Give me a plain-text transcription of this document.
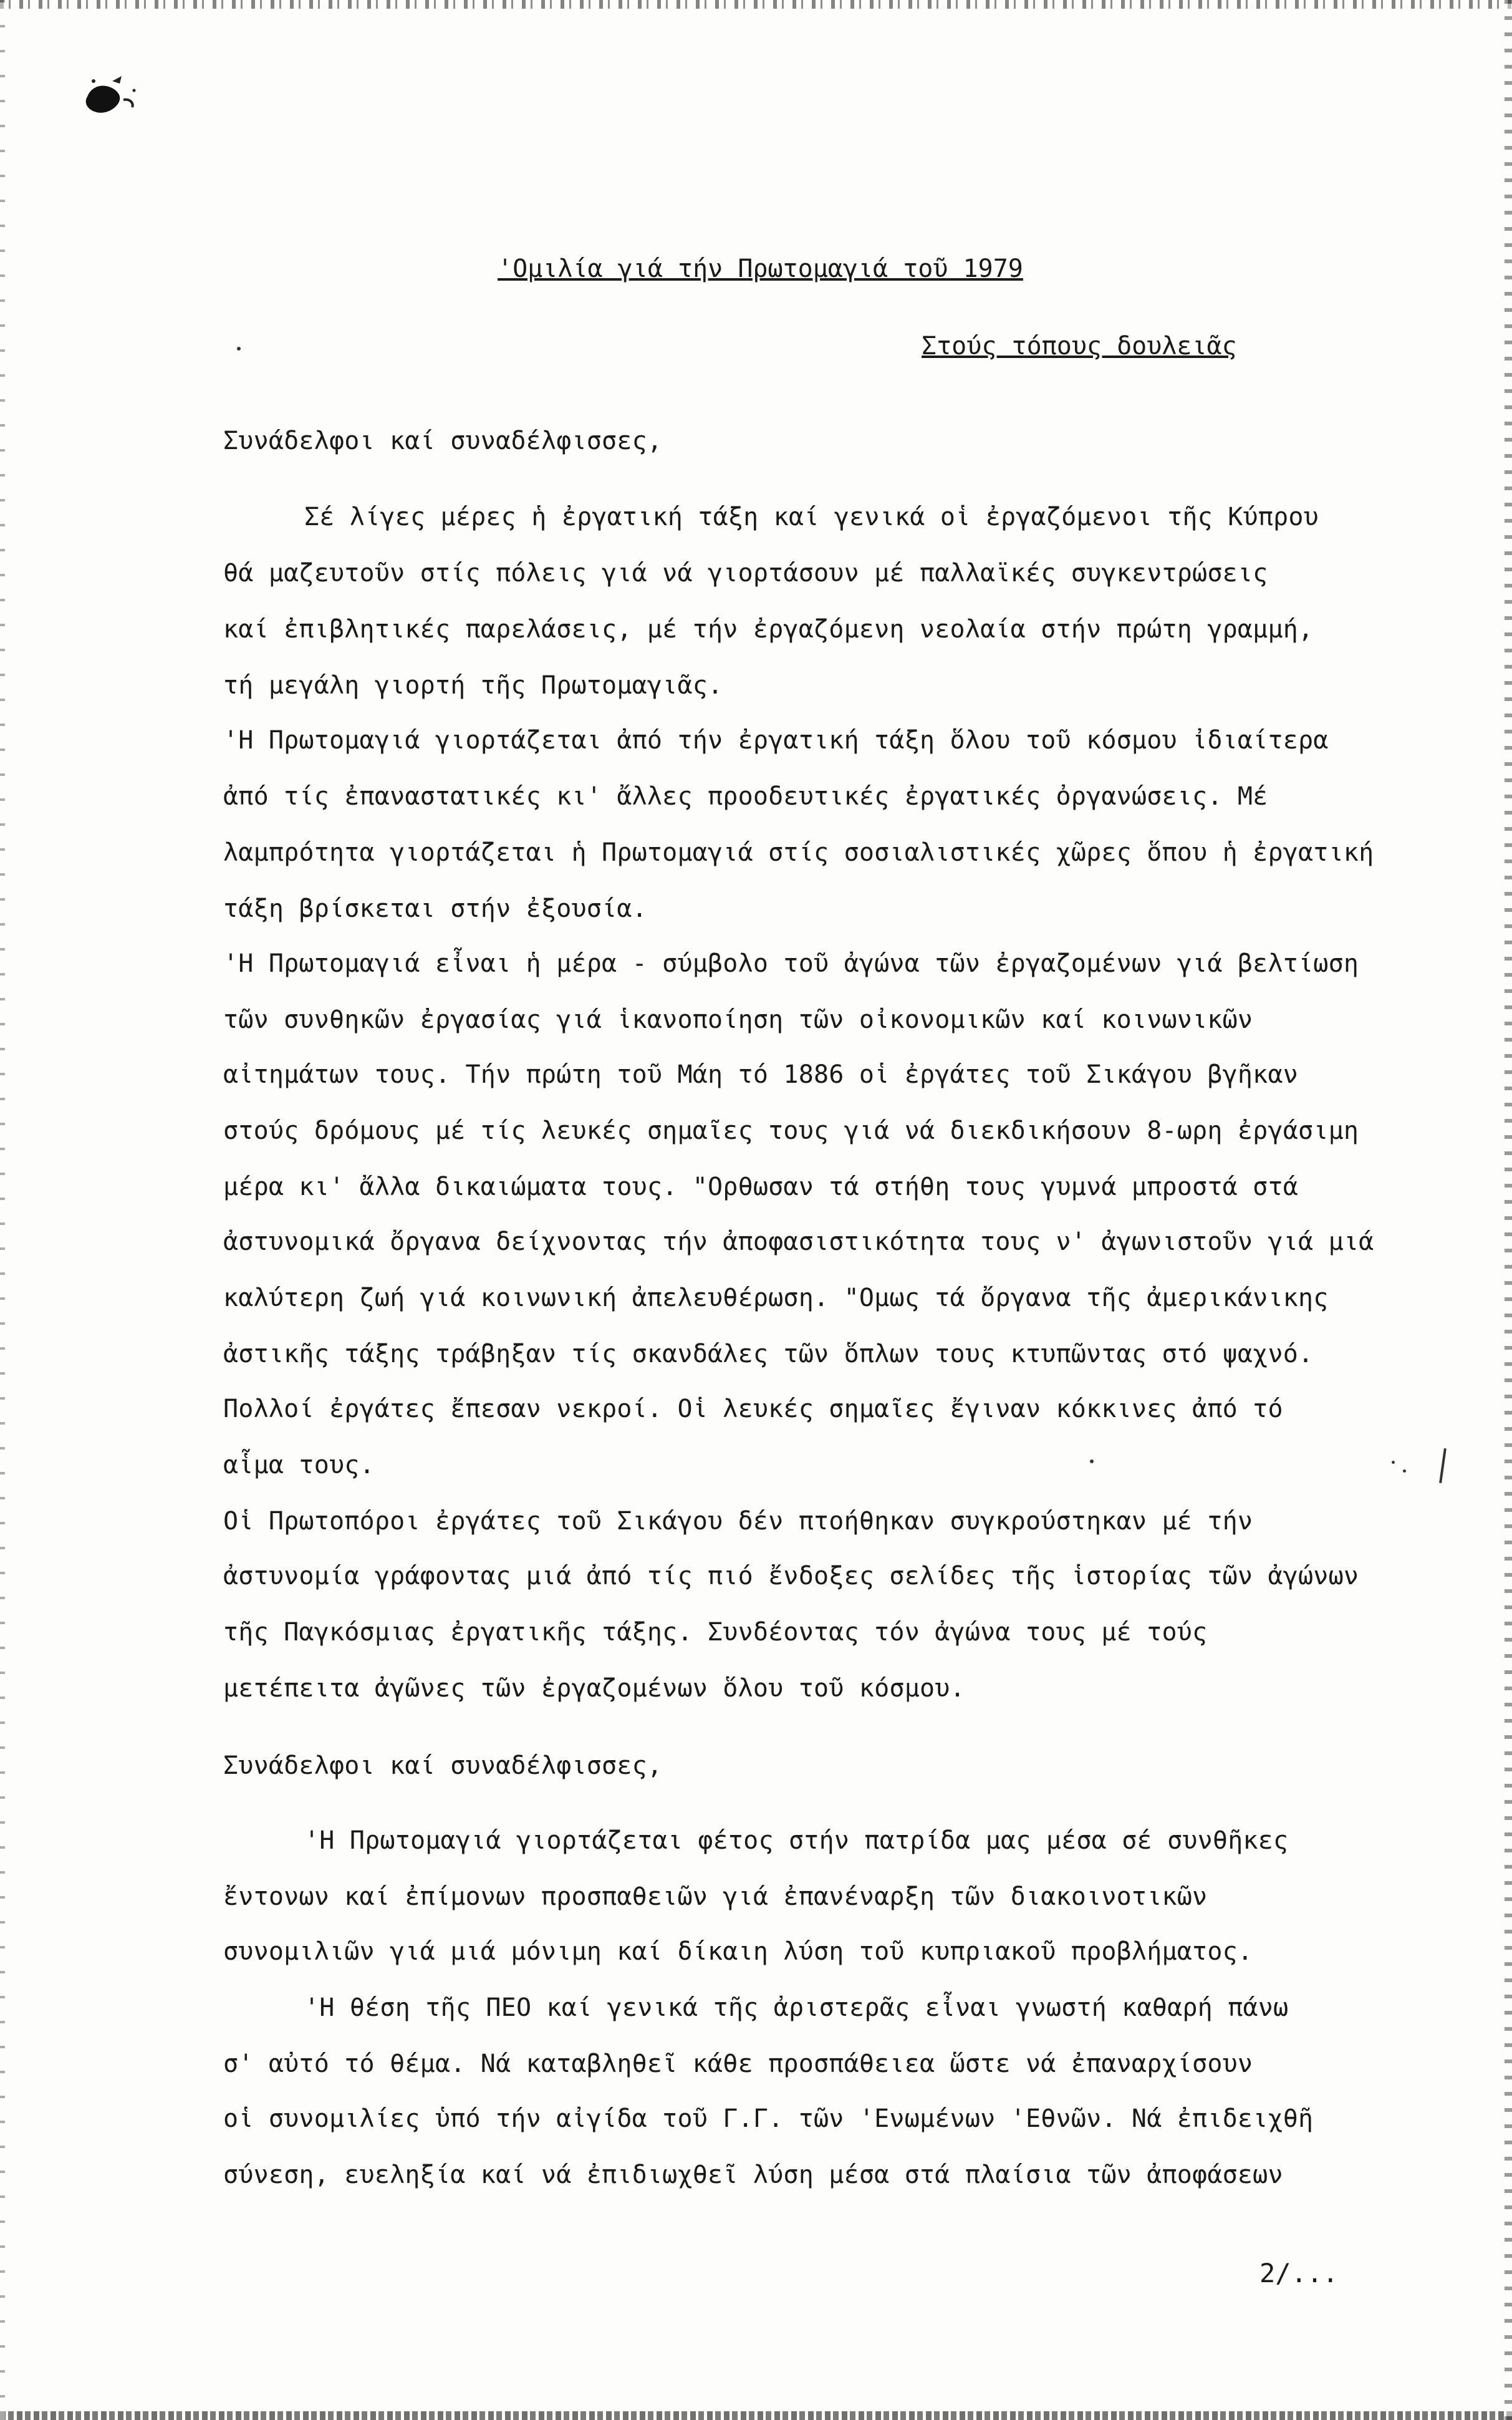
'Ομιλία γιά τήν Πρωτομαγιά τοῦ 1979
Στούς τόπους δουλειᾶς
Συνάδελφοι καί συναδέλφισσες,
Σέ λίγες μέρες ἡ ἐργατική τάξη καί γενικά οἱ ἐργαζόμενοι τῆς Κύπρου
θά μαζευτοῦν στίς πόλεις γιά νά γιορτάσουν μέ παλλαϊκές συγκεντρώσεις
καί ἐπιβλητικές παρελάσεις, μέ τήν ἐργαζόμενη νεολαία στήν πρώτη γραμμή,
τή μεγάλη γιορτή τῆς Πρωτομαγιᾶς.
'Η Πρωτομαγιά γιορτάζεται ἀπό τήν ἐργατική τάξη ὅλου τοῦ κόσμου ἰδιαίτερα
ἀπό τίς ἐπαναστατικές κι' ἄλλες προοδευτικές ἐργατικές ὀργανώσεις. Μέ
λαμπρότητα γιορτάζεται ἡ Πρωτομαγιά στίς σοσιαλιστικές χῶρες ὅπου ἡ ἐργατική
τάξη βρίσκεται στήν ἐξουσία.
'Η Πρωτομαγιά εἶναι ἡ μέρα - σύμβολο τοῦ ἀγώνα τῶν ἐργαζομένων γιά βελτίωση
τῶν συνθηκῶν ἐργασίας γιά ἱκανοποίηση τῶν οἰκονομικῶν καί κοινωνικῶν
αἰτημάτων τους. Τήν πρώτη τοῦ Μάη τό 1886 οἱ ἐργάτες τοῦ Σικάγου βγῆκαν
στούς δρόμους μέ τίς λευκές σημαῖες τους γιά νά διεκδικήσουν 8-ωρη ἐργάσιμη
μέρα κι' ἄλλα δικαιώματα τους. "Ορθωσαν τά στήθη τους γυμνά μπροστά στά
ἀστυνομικά ὄργανα δείχνοντας τήν ἀποφασιστικότητα τους ν' ἀγωνιστοῦν γιά μιά
καλύτερη ζωή γιά κοινωνική ἀπελευθέρωση. "Ομως τά ὄργανα τῆς ἀμερικάνικης
ἀστικῆς τάξης τράβηξαν τίς σκανδάλες τῶν ὅπλων τους κτυπῶντας στό ψαχνό.
Πολλοί ἐργάτες ἔπεσαν νεκροί. Οἱ λευκές σημαῖες ἔγιναν κόκκινες ἀπό τό
αἷμα τους.
Οἱ Πρωτοπόροι ἐργάτες τοῦ Σικάγου δέν πτοήθηκαν συγκρούστηκαν μέ τήν
ἀστυνομία γράφοντας μιά ἀπό τίς πιό ἔνδοξες σελίδες τῆς ἱστορίας τῶν ἀγώνων
τῆς Παγκόσμιας ἐργατικῆς τάξης. Συνδέοντας τόν ἀγώνα τους μέ τούς
μετέπειτα ἀγῶνες τῶν ἐργαζομένων ὅλου τοῦ κόσμου.
Συνάδελφοι καί συναδέλφισσες,
'Η Πρωτομαγιά γιορτάζεται φέτος στήν πατρίδα μας μέσα σέ συνθῆκες
ἔντονων καί ἐπίμονων προσπαθειῶν γιά ἐπανέναρξη τῶν διακοινοτικῶν
συνομιλιῶν γιά μιά μόνιμη καί δίκαιη λύση τοῦ κυπριακοῦ προβλήματος.
'Η θέση τῆς ΠΕΟ καί γενικά τῆς ἀριστερᾶς εἶναι γνωστή καθαρή πάνω
σ' αὐτό τό θέμα. Νά καταβληθεῖ κάθε προσπάθειεα ὥστε νά ἐπαναρχίσουν
οἱ συνομιλίες ὑπό τήν αἰγίδα τοῦ Γ.Γ. τῶν 'Ενωμένων 'Εθνῶν. Νά ἐπιδειχθῆ
σύνεση, ευεληξία καί νά ἐπιδιωχθεῖ λύση μέσα στά πλαίσια τῶν ἀποφάσεων
2/...
